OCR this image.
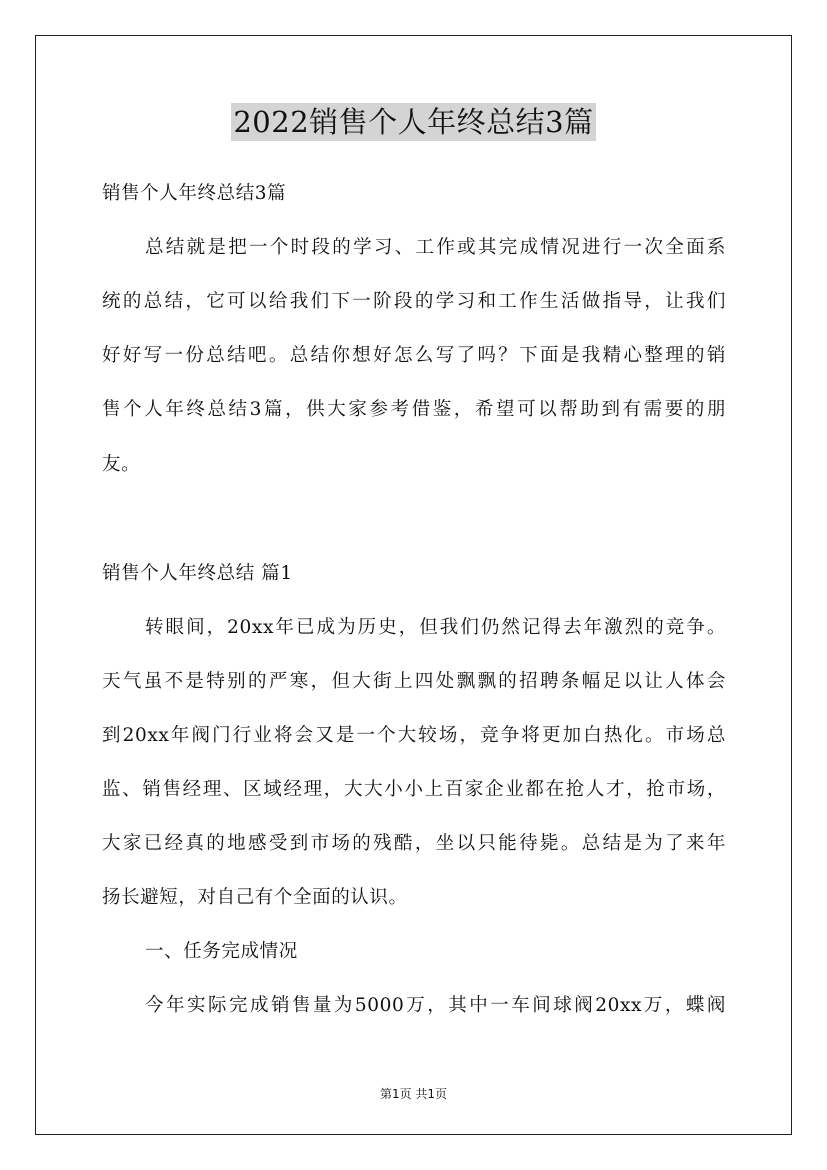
2022销售个人年终总结3篇
销售个人年终总结3篇
总结就是把一个时段的学习、工作或其完成情况进行一次全面系
统的总结，它可以给我们下一阶段的学习和工作生活做指导，让我们
好好写一份总结吧。总结你想好怎么写了吗？下面是我精心整理的销
售个人年终总结3篇，供大家参考借鉴，希望可以帮助到有需要的朋
友。
销售个人年终总结 篇1
转眼间，20xx年已成为历史，但我们仍然记得去年激烈的竞争。
天气虽不是特别的严寒，但大街上四处飘飘的招聘条幅足以让人体会
到20xx年阀门行业将会又是一个大较场，竞争将更加白热化。市场总
监、销售经理、区域经理，大大小小上百家企业都在抢人才，抢市场，
大家已经真的地感受到市场的残酷，坐以只能待毙。总结是为了来年
扬长避短，对自己有个全面的认识。
一、任务完成情况
今年实际完成销售量为5000万，其中一车间球阀20xx万，蝶阀
第1页 共1页
